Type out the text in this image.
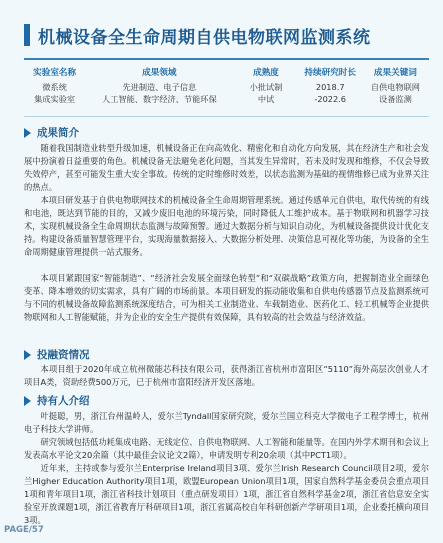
机械设备全生命周期自供电物联网监测系统
实验室名称
微系统
集成实验室
成果领域
先进制造、电子信息
人工智能、数字经济、节能环保
成熟度
小批试制
中试
持续研究时长
2018.7
-2022.6
成果关键词
自供电物联网
设备监测
成果简介

随着我国制造业转型升级加速，机械设备正在向高效化、精密化和自动化方向发展，其在经济生产和社会发展中扮演着日益重要的角色。机械设备无法避免老化问题，当其发生异常时，若未及时发现和维修，不仅会导致失效停产，甚至可能发生重大安全事故。传统的定时维修时效差，以状态监测为基础的视情维修已成为业界关注的热点。

本项目研发基于自供电物联网技术的机械设备全生命周期管理系统。通过传感单元自供电，取代传统的有线和电池，既达到节能的目的，又减少废旧电池的环境污染，同时降低人工维护成本。基于物联网和机器学习技术，实现机械设备全生命周期状态监测与故障预警。通过大数据分析与知识自动化，为机械设备提供设计优化支持。构建设备质量智慧管理平台，实现海量数据接入、大数据分析处理、决策信息可视化等功能，为设备的全生命周期健康管理提供一站式服务。

本项目紧跟国家“智能制造”、“经济社会发展全面绿色转型”和“双碳战略”政策方向，把握制造业全面绿色变革、降本增效的切实需求，具有广阔的市场前景。本项目研发的振动能收集和自供电传感器节点及监测系统可与不同的机械设备故障监测系统深度结合，可为相关工业制造业、车载制造业、医药化工、轻工机械等企业提供物联网和人工智能赋能，并为企业的安全生产提供有效保障，具有较高的社会效益与经济效益。

投融资情况

本项目组于2020年成立杭州微能芯科技有限公司，获得浙江省杭州市富阳区“5110”海外高层次创业人才项目A类，资助经费500万元，已于杭州市富阳经济开发区落地。

持有人介绍

叶挺聪，男，浙江台州温岭人，爱尔兰Tyndall国家研究院，爱尔兰国立科克大学微电子工程学博士，杭州电子科技大学讲师。

研究领域包括低功耗集成电路、无线定位、自供电物联网、人工智能和能量等。在国内外学术期刊和会议上发表高水平论文20余篇（其中最佳会议论文2篇），申请发明专利20余项（其中PCT1项）。

近年来，主持或参与爱尔兰Enterprise Ireland项目3项、爱尔兰Irish Research Council项目2项，爱尔兰Higher Education Authority项目1项，欧盟European Union项目1项，国家自然科学基金委员会重点项目1项和青年项目1项，浙江省科技计划项目（重点研发项目）1项，浙江省自然科学基金2项，浙江省信息安全实验室开放课题1项，浙江省教育厅科研项目1项，浙江省属高校自年科研创新产学研项目1项，企业委托横向项目3项。

PAGE/57
